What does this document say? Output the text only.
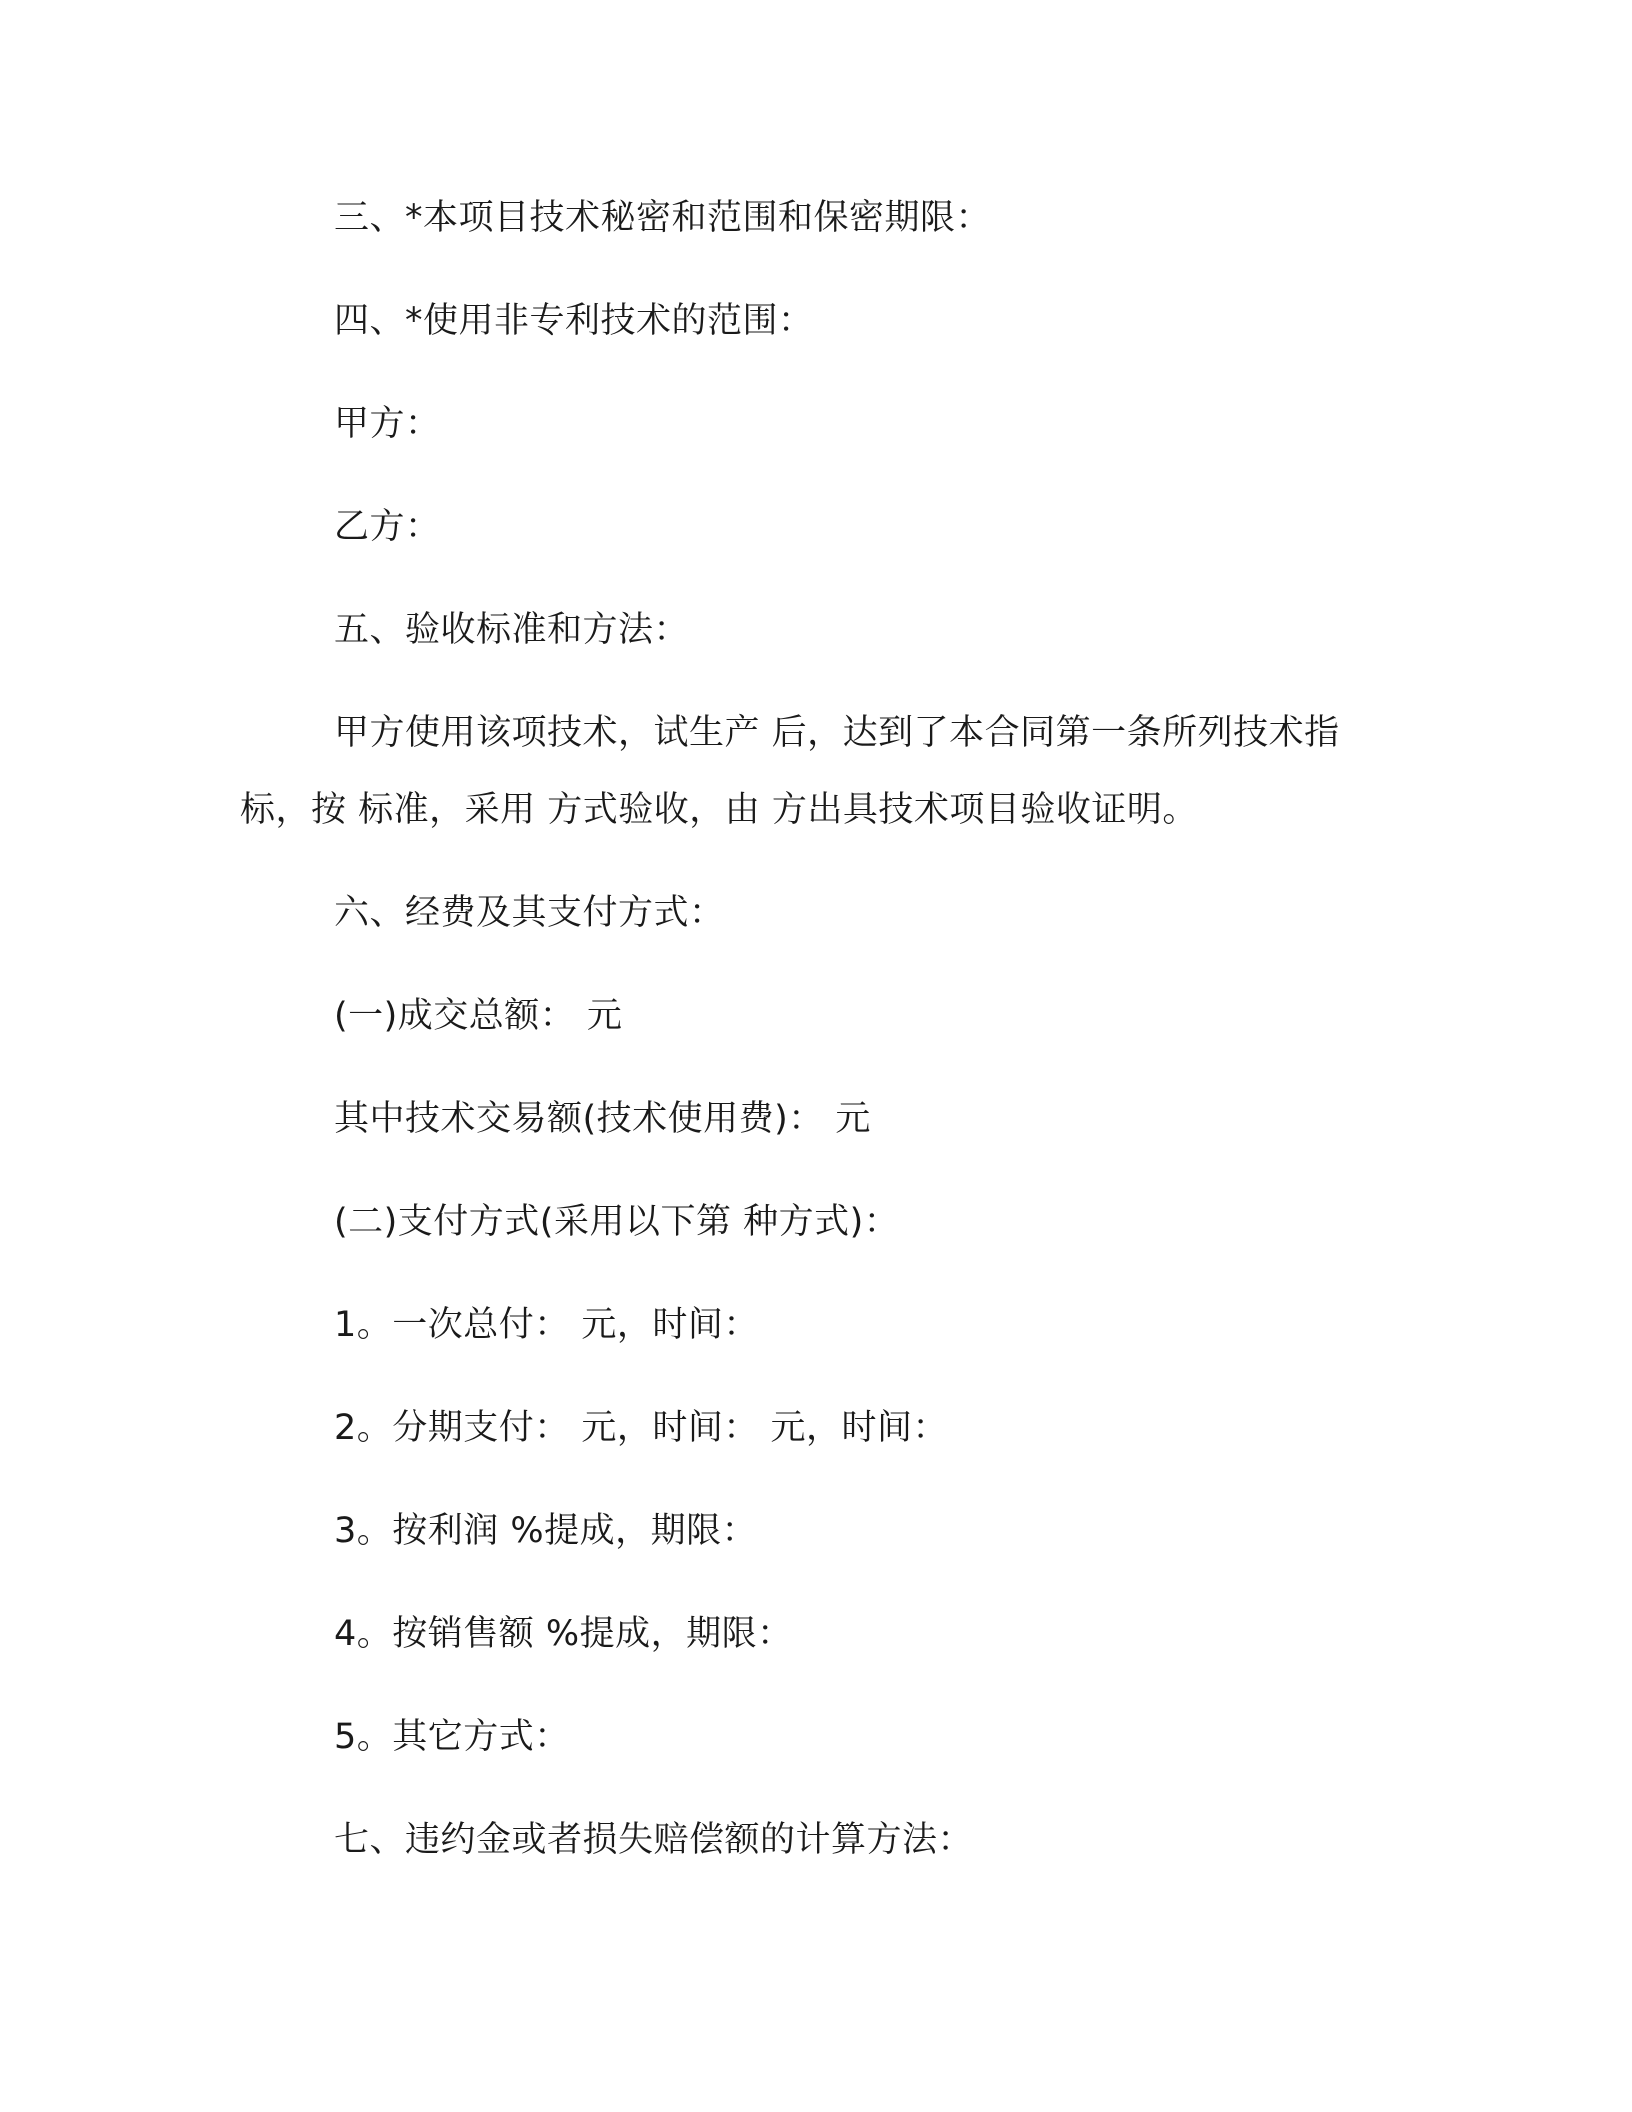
三、*本项目技术秘密和范围和保密期限：
四、*使用非专利技术的范围：
甲方：
乙方：
五、验收标准和方法：
甲方使用该项技术，试生产 后，达到了本合同第一条所列技术指
标，按 标准，采用 方式验收，由 方出具技术项目验收证明。
六、经费及其支付方式：
(一)成交总额： 元
其中技术交易额(技术使用费)： 元
(二)支付方式(采用以下第 种方式)：
1。一次总付： 元，时间：
2。分期支付： 元，时间： 元，时间：
3。按利润 %提成，期限：
4。按销售额 %提成，期限：
5。其它方式：
七、违约金或者损失赔偿额的计算方法：
